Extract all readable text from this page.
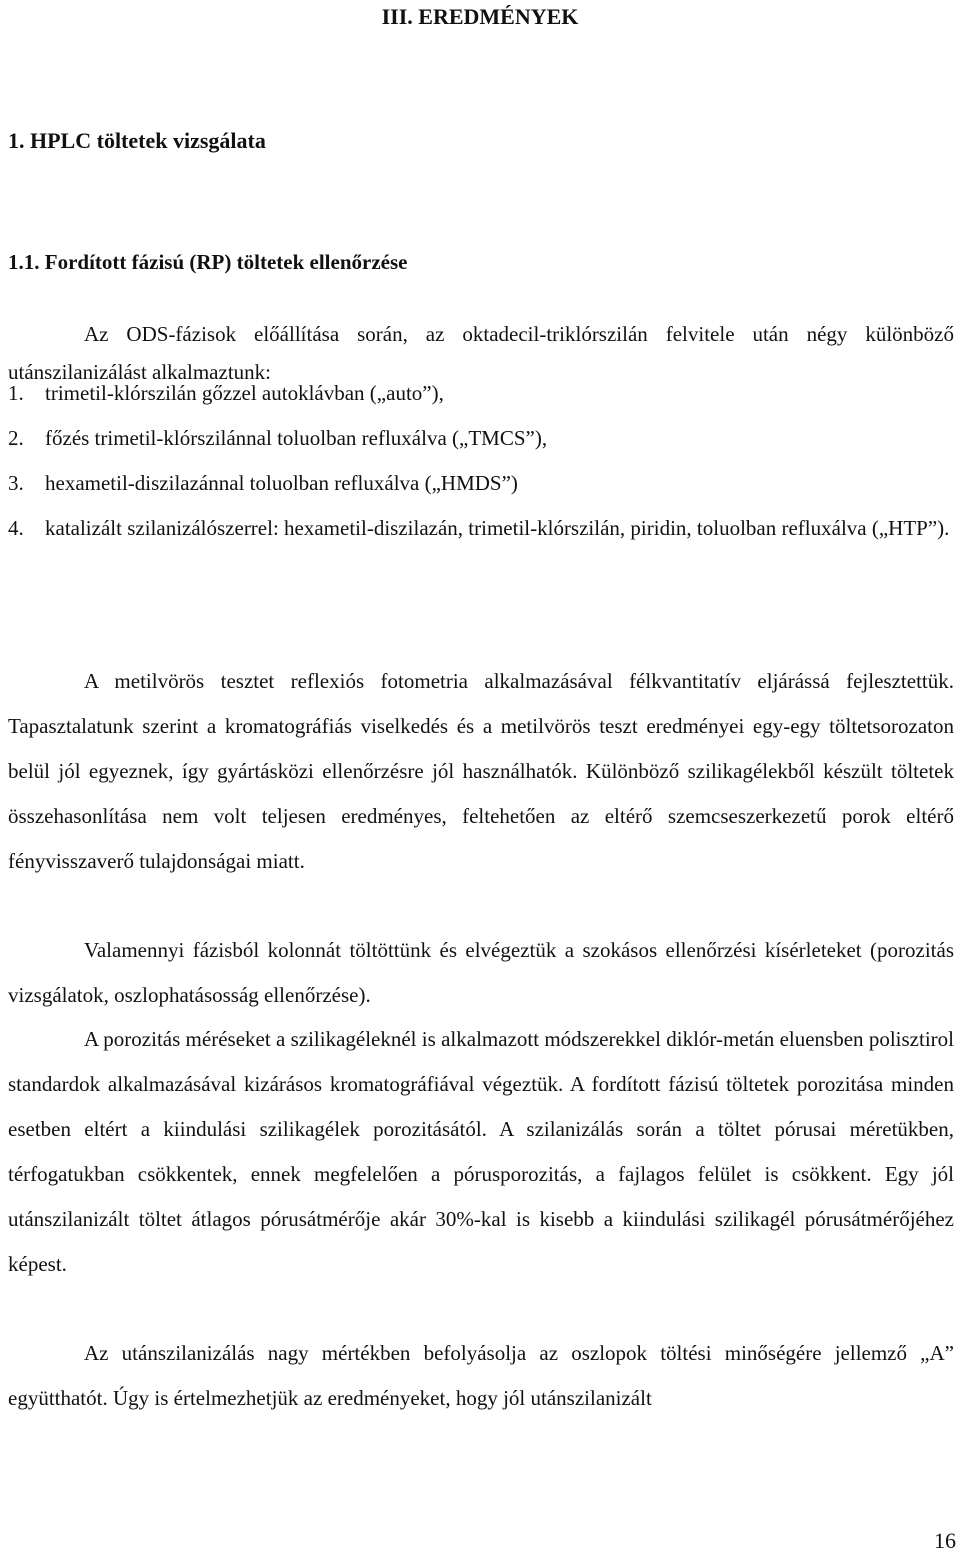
III. EREDMÉNYEK
1. HPLC töltetek vizsgálata
1.1. Fordított fázisú (RP) töltetek ellenőrzése

Az ODS-fázisok előállítása során, az oktadecil-triklórszilán felvitele után négy különböző utánszilanizálást alkalmaztunk:

1.	trimetil-klórszilán gőzzel autoklávban („auto”),
2.	főzés trimetil-klórszilánnal toluolban refluxálva („TMCS”),
3.	hexametil-diszilazánnal toluolban refluxálva („HMDS”)
4.	katalizált szilanizálószerrel: hexametil-diszilazán, trimetil-klórszilán, piridin, toluolban refluxálva („HTP”).

A metilvörös tesztet reflexiós fotometria alkalmazásával félkvantitatív eljárássá fejlesztettük. Tapasztalatunk szerint a kromatográfiás viselkedés és a metilvörös teszt eredményei egy-egy töltetsorozaton belül jól egyeznek, így gyártásközi ellenőrzésre jól használhatók. Különböző szilikagélekből készült töltetek összehasonlítása nem volt teljesen eredményes, feltehetően az eltérő szemcseszerkezetű porok eltérő fényvisszaverő tulajdonságai miatt.

Valamennyi fázisból kolonnát töltöttünk és elvégeztük a szokásos ellenőrzési kísérleteket (porozitás vizsgálatok, oszlophatásosság ellenőrzése).

A porozitás méréseket a szilikagéleknél is alkalmazott módszerekkel diklór-metán eluensben polisztirol standardok alkalmazásával kizárásos kromatográfiával végeztük. A fordított fázisú töltetek porozitása minden esetben eltért a kiindulási szilikagélek porozitásától. A szilanizálás során a töltet pórusai méretükben, térfogatukban csökkentek, ennek megfelelően a pórusporozitás, a fajlagos felület is csökkent. Egy jól utánszilanizált töltet átlagos pórusátmérője akár 30%-kal is kisebb a kiindulási szilikagél pórusátmérőjéhez képest.

Az utánszilanizálás nagy mértékben befolyásolja az oszlopok töltési minőségére jellemző „A” együtthatót. Úgy is értelmezhetjük az eredményeket, hogy jól utánszilanizált

16
